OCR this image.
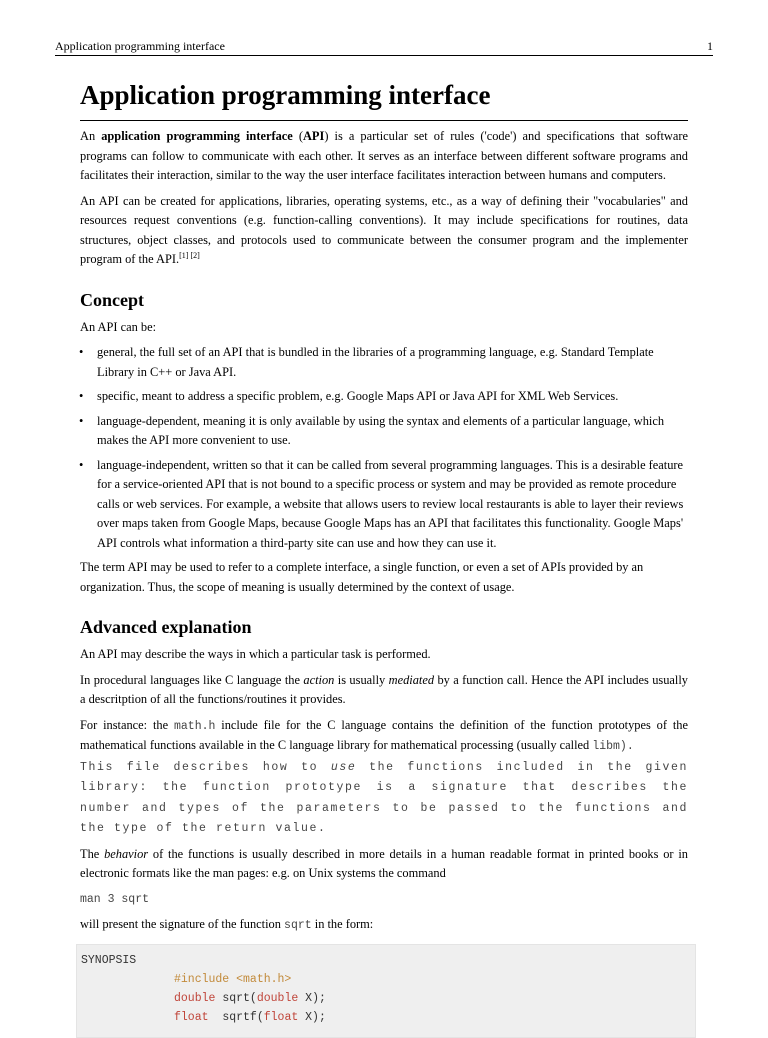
Application programming interface	1
Application programming interface

An application programming interface (API) is a particular set of rules ('code') and specifications that software programs can follow to communicate with each other. It serves as an interface between different software programs and facilitates their interaction, similar to the way the user interface facilitates interaction between humans and computers.

An API can be created for applications, libraries, operating systems, etc., as a way of defining their "vocabularies" and resources request conventions (e.g. function-calling conventions). It may include specifications for routines, data structures, object classes, and protocols used to communicate between the consumer program and the implementer program of the API.[1] [2]

Concept

An API can be:

• general, the full set of an API that is bundled in the libraries of a programming language, e.g. Standard Template Library in C++ or Java API.
• specific, meant to address a specific problem, e.g. Google Maps API or Java API for XML Web Services.
• language-dependent, meaning it is only available by using the syntax and elements of a particular language, which makes the API more convenient to use.
• language-independent, written so that it can be called from several programming languages. This is a desirable feature for a service-oriented API that is not bound to a specific process or system and may be provided as remote procedure calls or web services. For example, a website that allows users to review local restaurants is able to layer their reviews over maps taken from Google Maps, because Google Maps has an API that facilitates this functionality. Google Maps' API controls what information a third-party site can use and how they can use it.

The term API may be used to refer to a complete interface, a single function, or even a set of APIs provided by an organization. Thus, the scope of meaning is usually determined by the context of usage.

Advanced explanation

An API may describe the ways in which a particular task is performed.

In procedural languages like C language the action is usually mediated by a function call. Hence the API includes usually a descritption of all the functions/routines it provides.

For instance: the math.h include file for the C language contains the definition of the function prototypes of the mathematical functions available in the C language library for mathematical processing (usually called libm).
This file describes how to use the functions included in the given library: the function prototype is a signature that describes the number and types of the parameters to be passed to the functions and the type of the return value.

The behavior of the functions is usually described in more details in a human readable format in printed books or in electronic formats like the man pages: e.g. on Unix systems the command

man 3 sqrt

will present the signature of the function sqrt in the form:

SYNOPSIS
#include <math.h>
double sqrt(double X);
float  sqrtf(float X);
